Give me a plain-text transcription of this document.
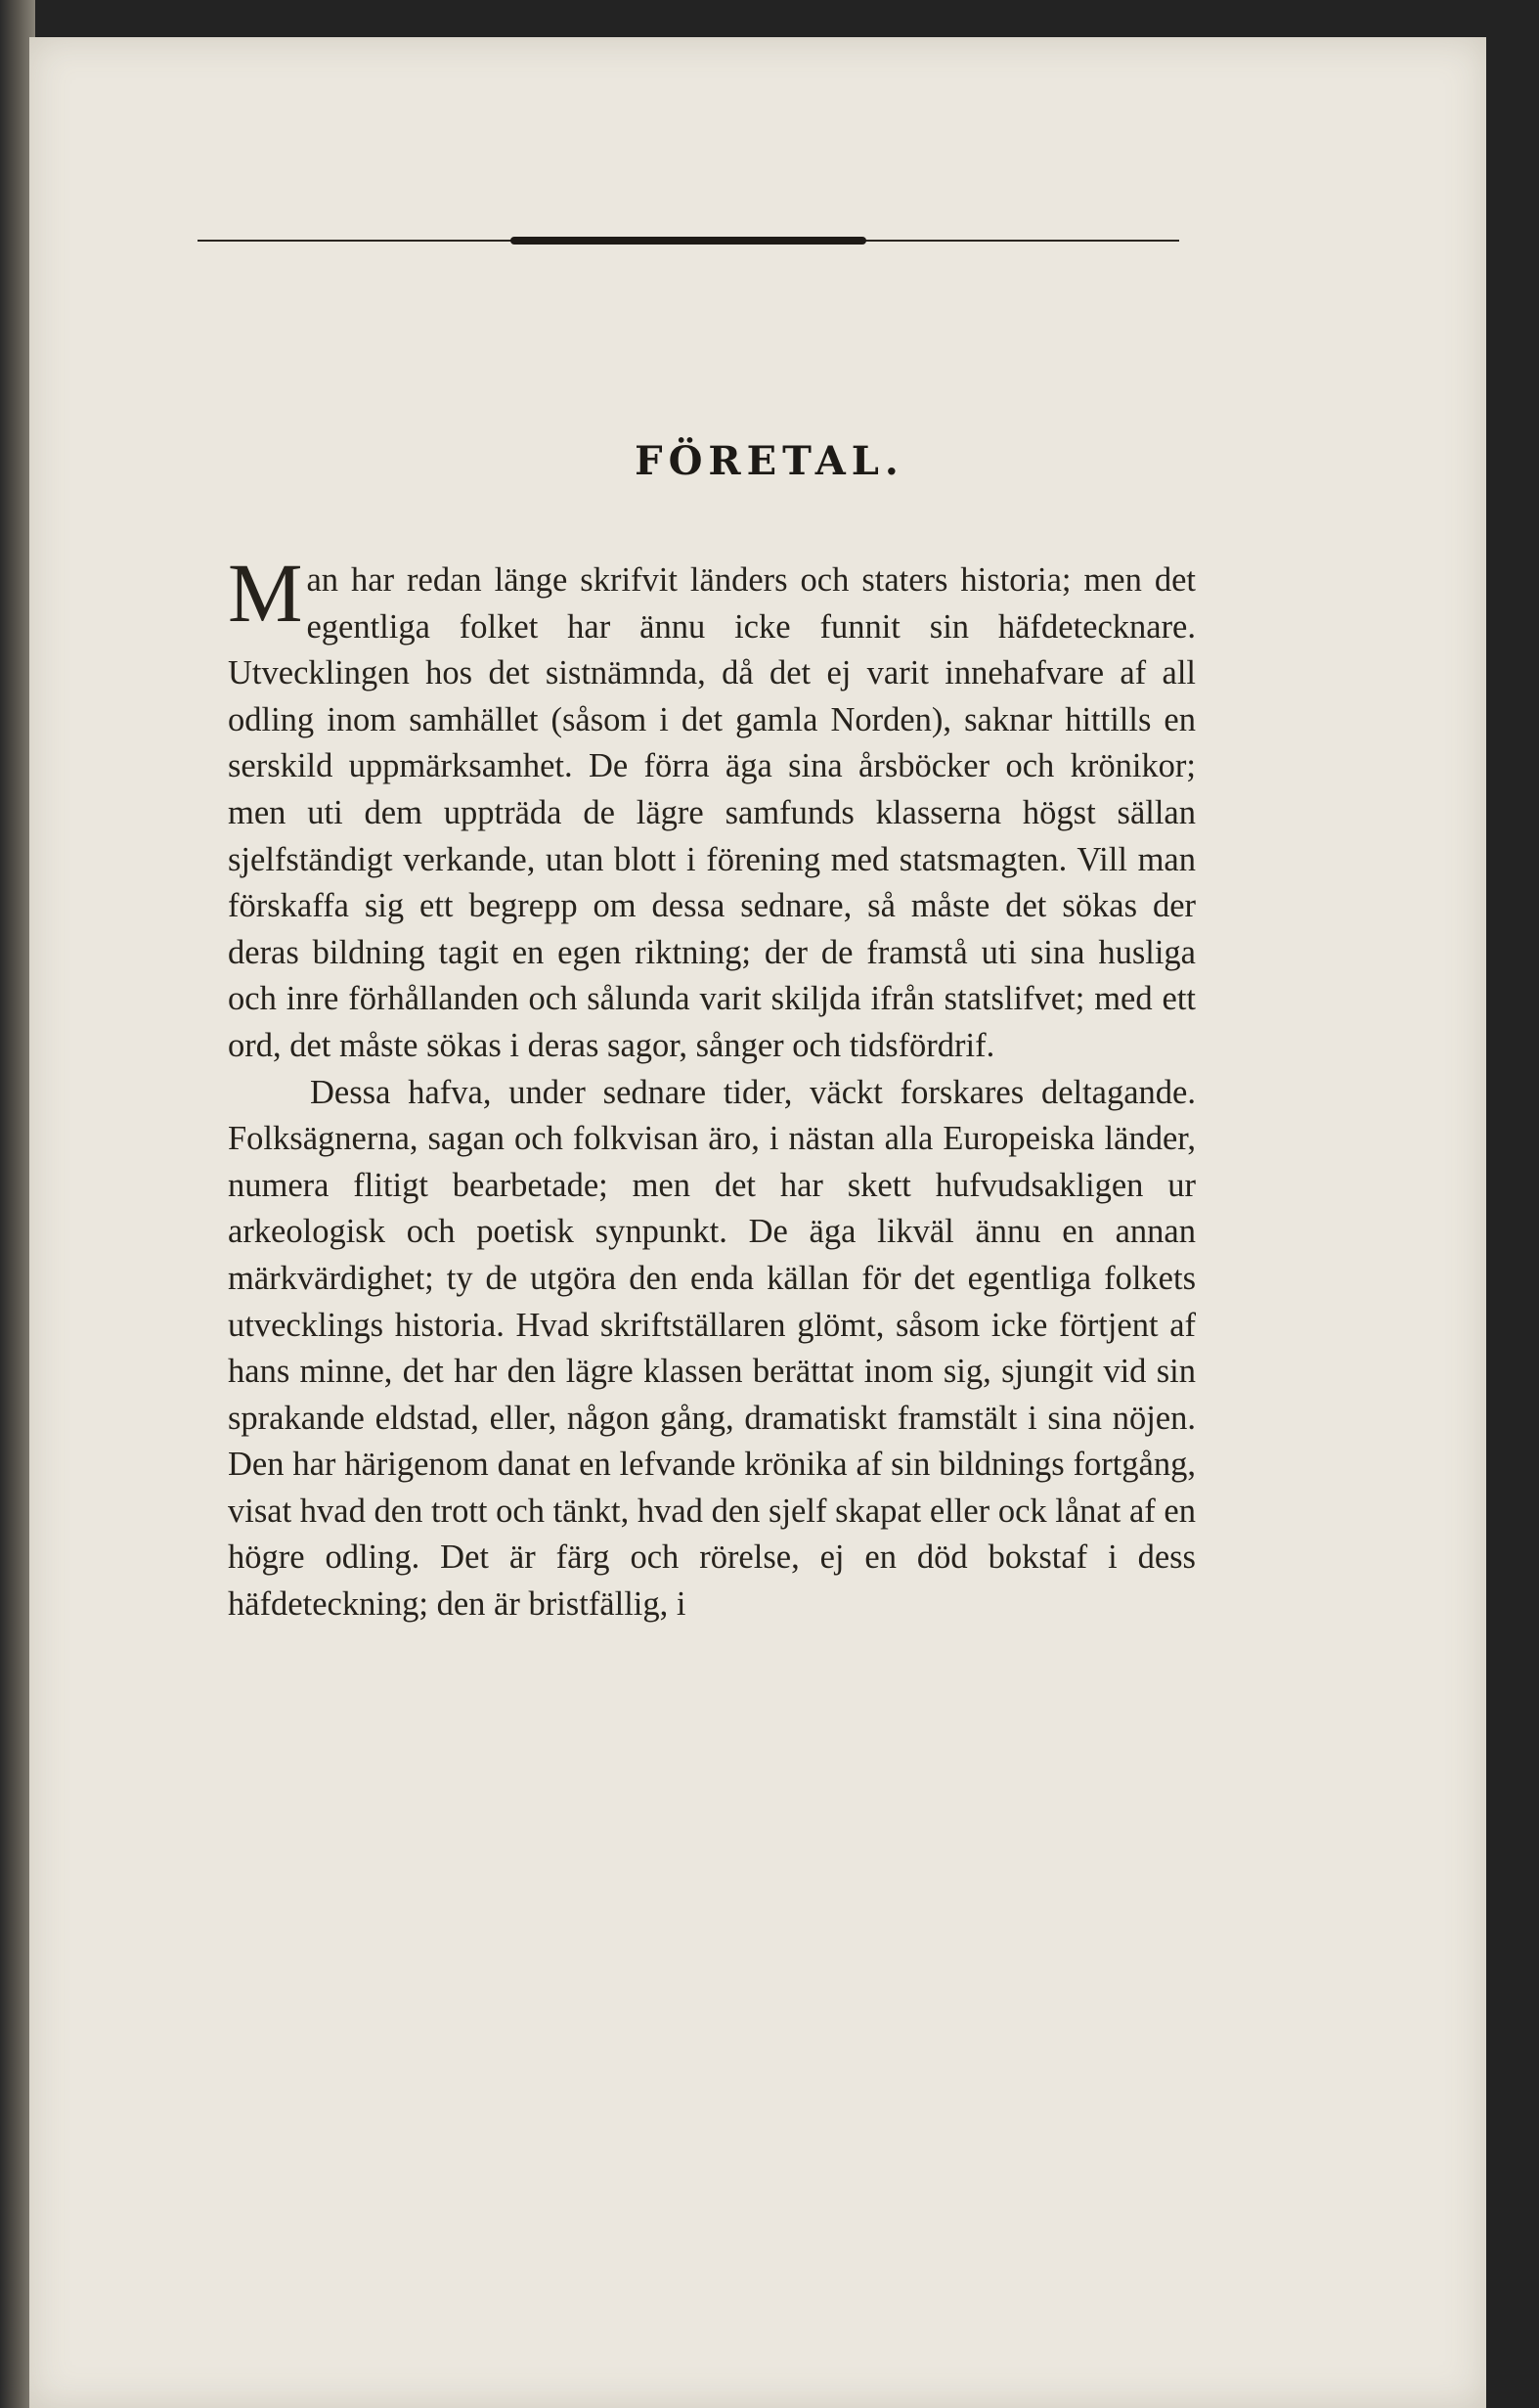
FÖRETAL.

Man har redan länge skrifvit länders och staters historia; men det egentliga folket har ännu icke funnit sin häfdetecknare. Utvecklingen hos det sistnämnda, då det ej varit innehafvare af all odling inom samhället (såsom i det gamla Norden), saknar hittills en serskild uppmärksamhet. De förra äga sina årsböcker och krönikor; men uti dem uppträda de lägre samfunds klasserna högst sällan sjelfständigt verkande, utan blott i förening med statsmagten. Vill man förskaffa sig ett begrepp om dessa sednare, så måste det sökas der deras bildning tagit en egen riktning; der de framstå uti sina husliga och inre förhållanden och sålunda varit skiljda ifrån statslifvet; med ett ord, det måste sökas i deras sagor, sånger och tidsfördrif.

Dessa hafva, under sednare tider, väckt forskares deltagande. Folksägnerna, sagan och folkvisan äro, i nästan alla Europeiska länder, numera flitigt bearbetade; men det har skett hufvudsakligen ur arkeologisk och poetisk synpunkt. De äga likväl ännu en annan märkvärdighet; ty de utgöra den enda källan för det egentliga folkets utvecklings historia. Hvad skriftställaren glömt, såsom icke förtjent af hans minne, det har den lägre klassen berättat inom sig, sjungit vid sin sprakande eldstad, eller, någon gång, dramatiskt framstält i sina nöjen. Den har härigenom danat en lefvande krönika af sin bildnings fortgång, visat hvad den trott och tänkt, hvad den sjelf skapat eller ock lånat af en högre odling. Det är färg och rörelse, ej en död bokstaf i dess häfdeteckning; den är bristfällig, i
